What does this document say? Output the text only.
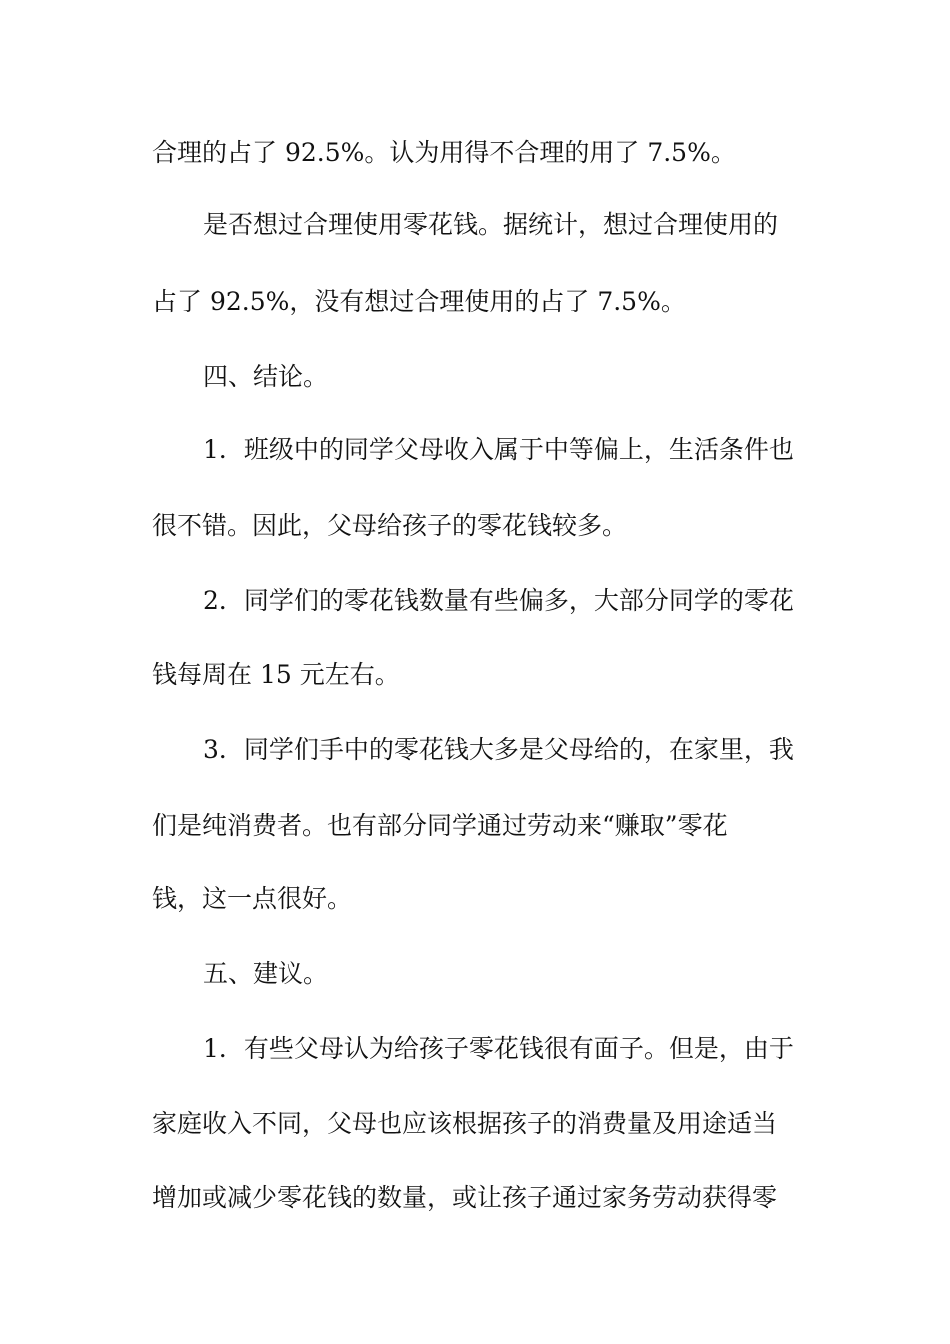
合理的占了 92.5%。认为用得不合理的用了 7.5%。

是否想过合理使用零花钱。据统计，想过合理使用的

占了 92.5%，没有想过合理使用的占了 7.5%。

四、结论。

1．班级中的同学父母收入属于中等偏上，生活条件也

很不错。因此，父母给孩子的零花钱较多。

2．同学们的零花钱数量有些偏多，大部分同学的零花

钱每周在 15 元左右。

3．同学们手中的零花钱大多是父母给的，在家里，我

们是纯消费者。也有部分同学通过劳动来“赚取”零花

钱，这一点很好。

五、建议。

1．有些父母认为给孩子零花钱很有面子。但是，由于

家庭收入不同，父母也应该根据孩子的消费量及用途适当

增加或减少零花钱的数量，或让孩子通过家务劳动获得零
